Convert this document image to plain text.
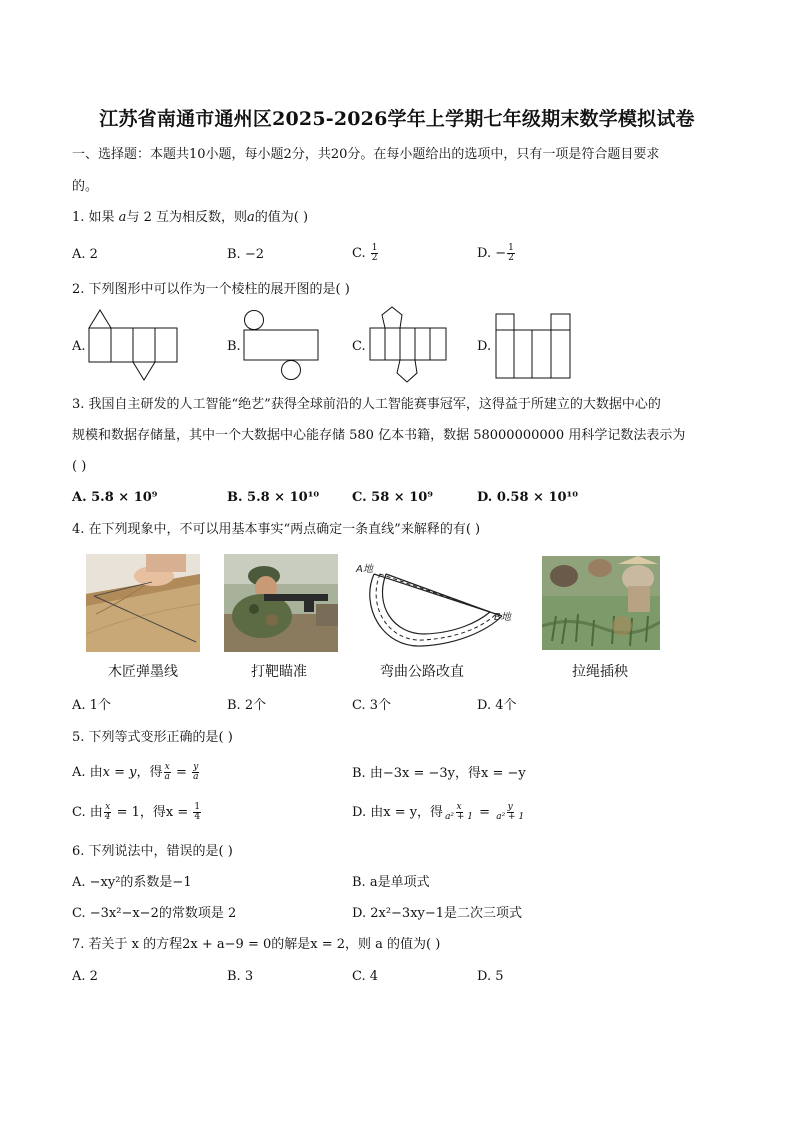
江苏省南通市通州区2025-2026学年上学期七年级期末数学模拟试卷
一、选择题：本题共10小题，每小题2分，共20分。在每小题给出的选项中，只有一项是符合题目要求
的。
1. 如果 a与 2 互为相反数，则a的值为( )
A. 2	B. −2	C. $\frac{1}{2}$	D. − $\frac{1}{2}$
2. 下列图形中可以作为一个棱柱的展开图的是( )
A.	B.	C.	D.
3. 我国自主研发的人工智能“绝艺”获得全球前沿的人工智能赛事冠军，这得益于所建立的大数据中心的
规模和数据存储量，其中一个大数据中心能存储 580 亿本书籍，数据 58000000000 用科学记数法表示为
( )
A. 5.8 × 10⁹	B. 5.8 × 10¹⁰	C. 58 × 10⁹	D. 0.58 × 10¹⁰
4. 在下列现象中，不可以用基本事实“两点确定一条直线”来解释的有( )
木匠弹墨线	打靶瞄准
A地
B地
弯曲公路改直	拉绳插秧
A. 1个	B. 2个	C. 3个	D. 4个
5. 下列等式变形正确的是( )
A. 由x = y，得 $\frac{x}{a} = \frac{y}{a}$	B. 由−3x = −3y，得x = −y
C. 由 $\frac{x}{4} = 1$，得$x = \frac{1}{4}$	D. 由x = y，得 $\frac{x}{\text{a² + 1}} = \frac{y}{\text{a² + 1}}$
6. 下列说法中，错误的是( )
A. −xy²的系数是−1	B. a是单项式
C. −3x²−x−2的常数项是 2	D. 2x²−3xy−1是二次三项式
7. 若关于 x 的方程2x + a−9 = 0的解是x = 2，则 a 的值为( )
A. 2	B. 3	C. 4	D. 5
